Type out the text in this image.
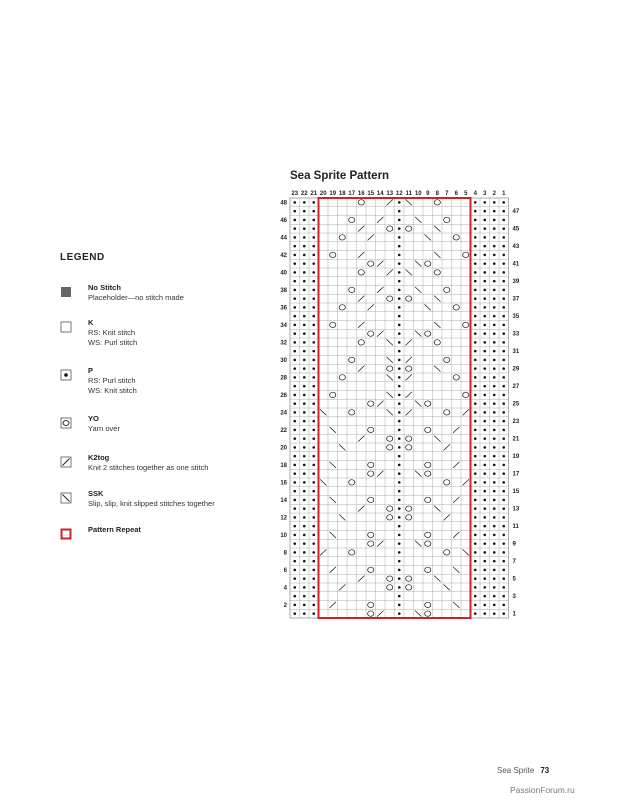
Sea Sprite Pattern
23 22 21 20 19 18 17 16 15 14 13 12 11 10 9 8 7 6 5 4 3 2 1
1
2
3
4
5
6
7
8
9
10
11
12
13
14
15
16
17
18
19
20
21
22
23
24
25
26
27
28
29
30
31
32
33
34
35
36
37
38
39
40
41
42
43
44
45
46
47
48
LEGEND
No Stitch
Placeholder—no stitch made
K
RS: Knit stitch
WS: Purl stitch
P
RS: Purl stitch
WS: Knit stitch
YO
Yarn over
K2tog
Knit 2 stitches together as one stitch
SSK
Slip, slip, knit slipped stitches together
Pattern Repeat
Sea Sprite 73
PassionForum.ru
